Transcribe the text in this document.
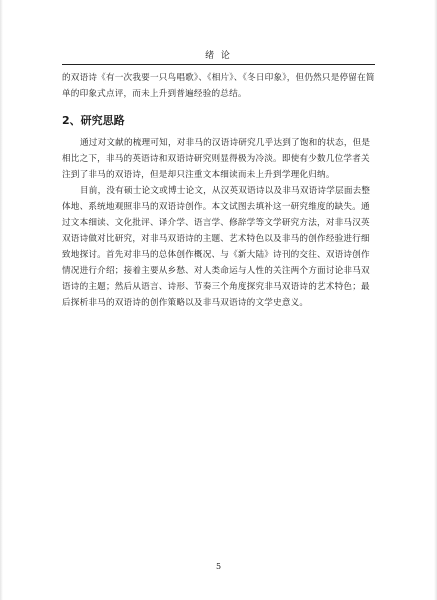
绪 论
的双语诗《有一次我要一只鸟唱歌》、《相片》、《冬日印象》，但仍然只是停留在简
单的印象式点评，而未上升到普遍经验的总结。
2、研究思路
通过对文献的梳理可知，对非马的汉语诗研究几乎达到了饱和的状态，但是
相比之下，非马的英语诗和双语诗研究则显得极为冷淡。即使有少数几位学者关
注到了非马的双语诗，但是却只注重文本细读而未上升到学理化归纳。
目前，没有硕士论文或博士论文，从汉英双语诗以及非马双语诗学层面去整
体地、系统地观照非马的双语诗创作。本文试图去填补这一研究维度的缺失。通
过文本细读、文化批评、译介学、语言学、修辞学等文学研究方法，对非马汉英
双语诗做对比研究，对非马双语诗的主题、艺术特色以及非马的创作经验进行细
致地探讨。首先对非马的总体创作概况、与《新大陆》诗刊的交往、双语诗创作
情况进行介绍；接着主要从乡愁、对人类命运与人性的关注两个方面讨论非马双
语诗的主题；然后从语言、诗形、节奏三个角度探究非马双语诗的艺术特色；最
后探析非马的双语诗的创作策略以及非马双语诗的文学史意义。
5
